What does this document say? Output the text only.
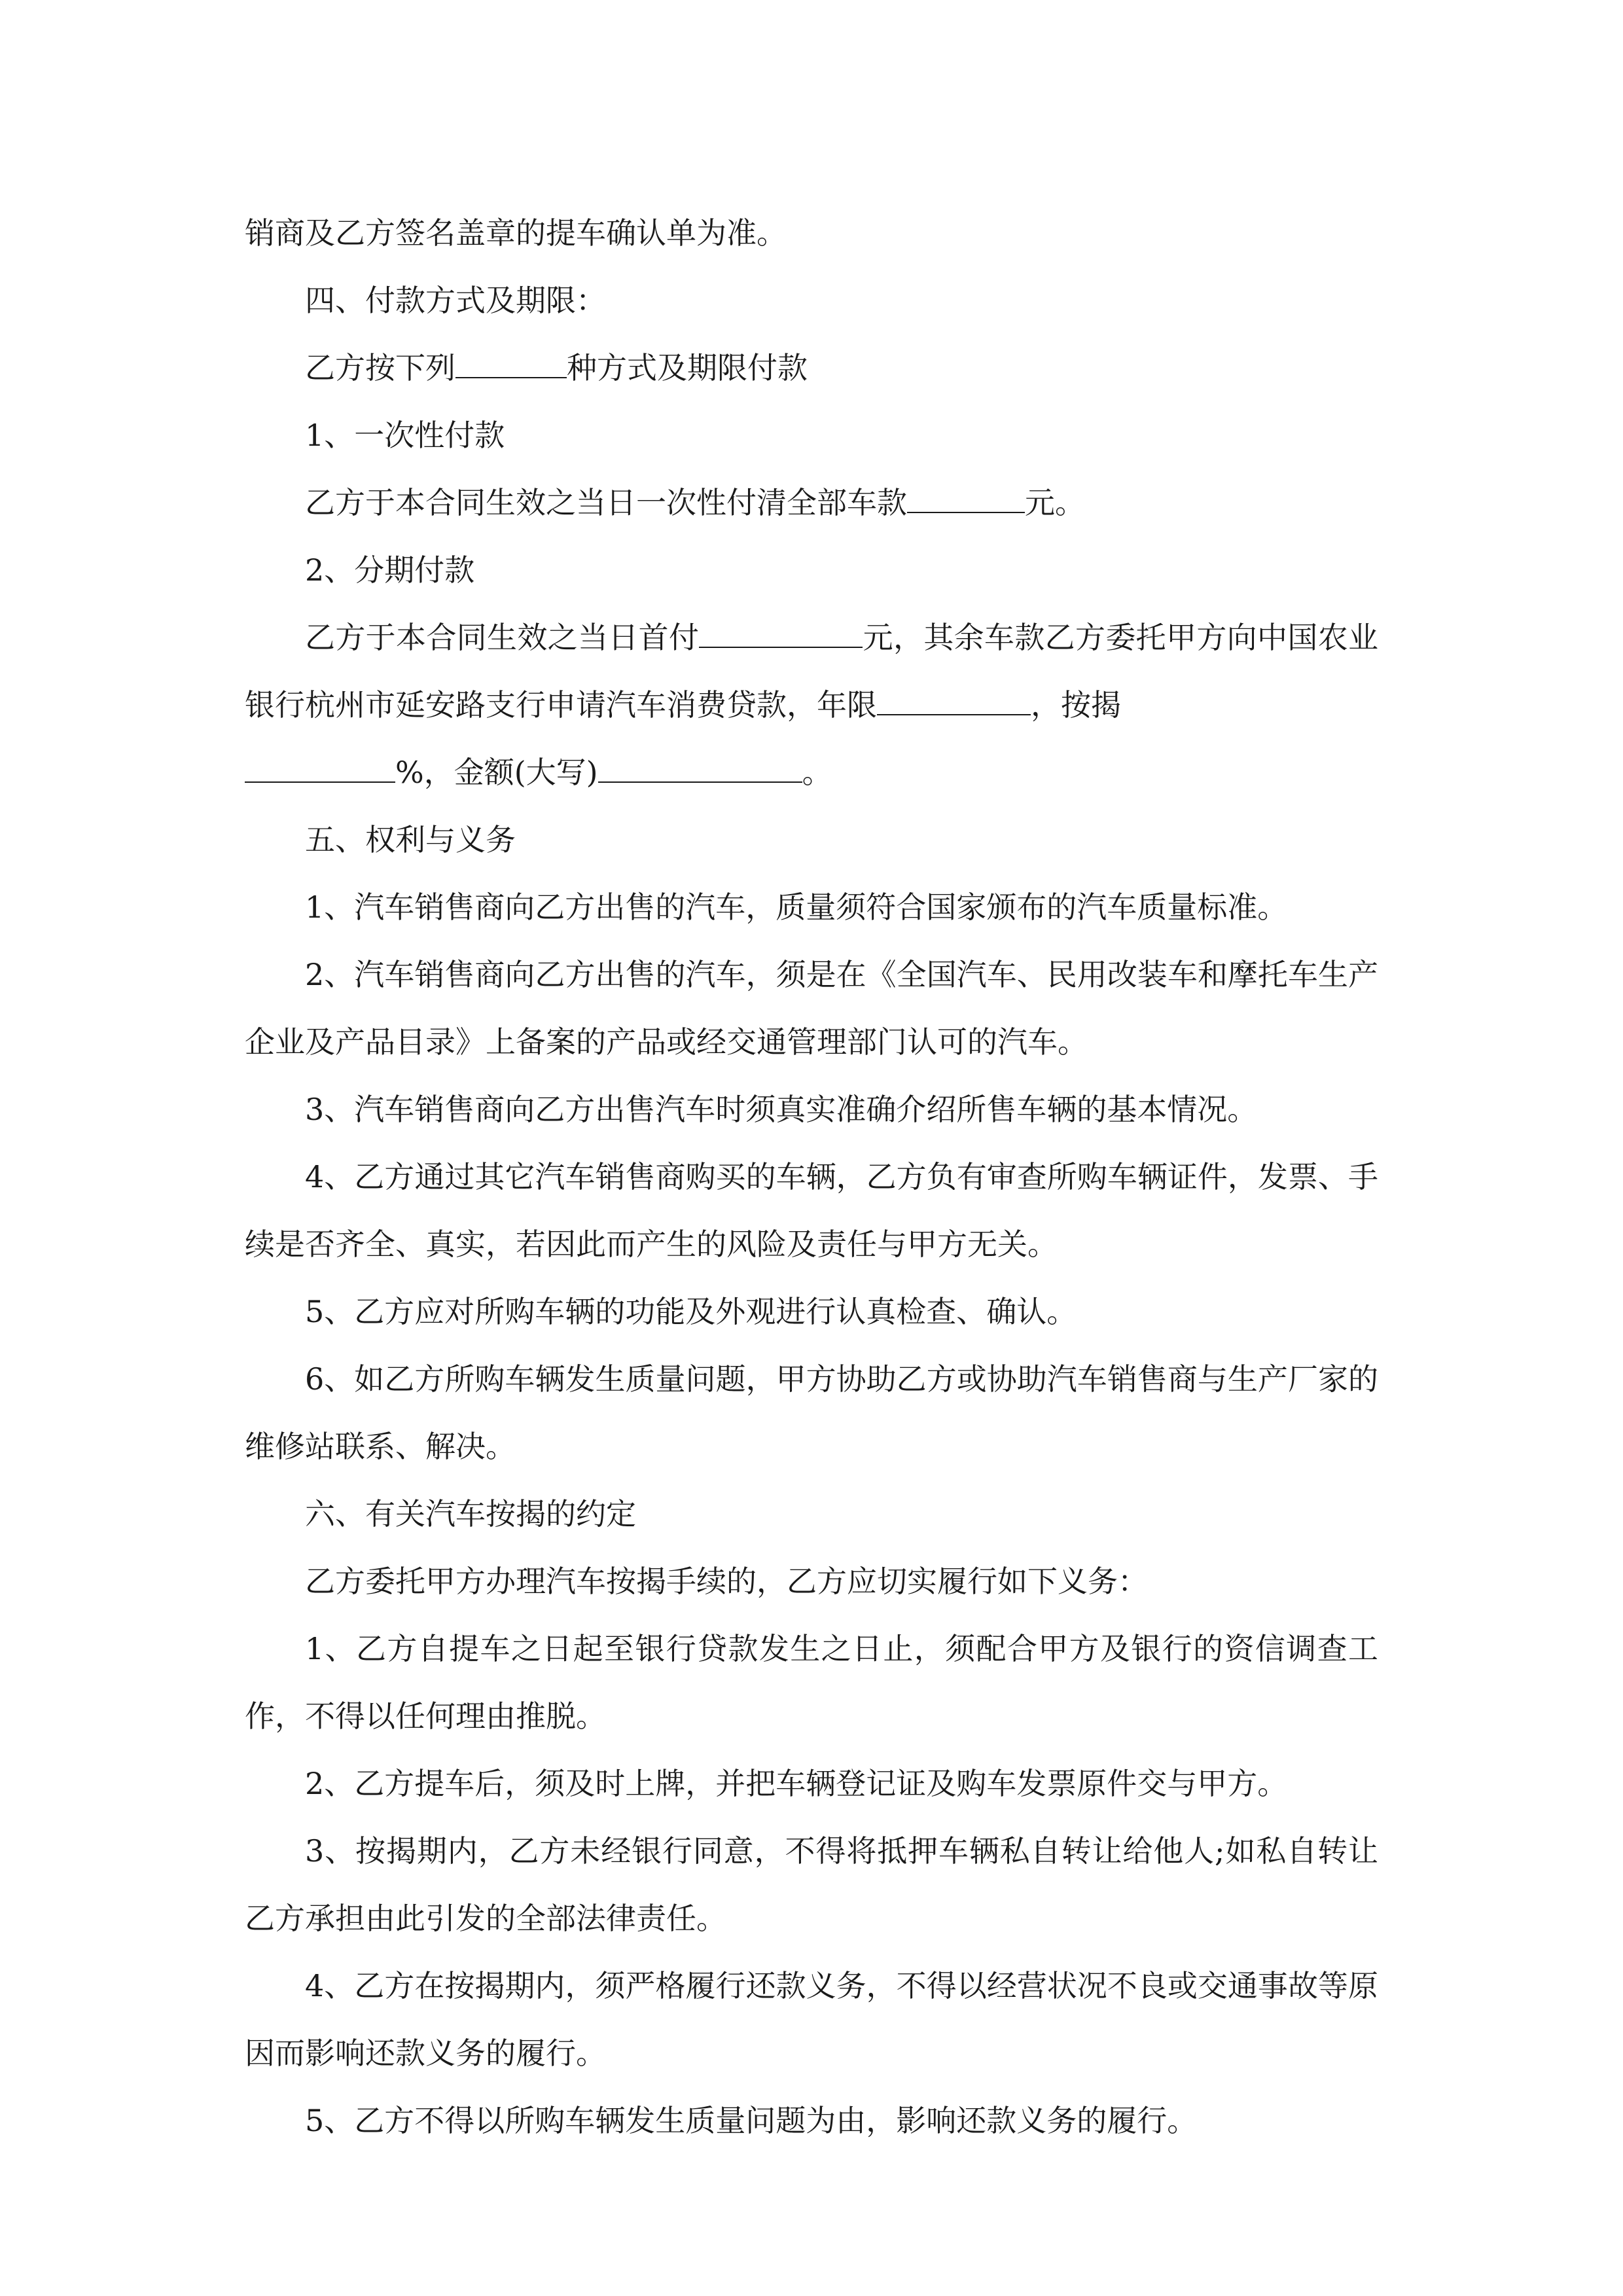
销商及乙方签名盖章的提车确认单为准。

四、付款方式及期限：

乙方按下列	种方式及期限付款

1、一次性付款

乙方于本合同生效之当日一次性付清全部车款	元。

2、分期付款

乙方于本合同生效之当日首付	元，其余车款乙方委托甲方向中国农业银行杭州市延安路支行申请汽车消费贷款，年限	，按揭
%，金额(大写)	。

五、权利与义务

1、汽车销售商向乙方出售的汽车，质量须符合国家颁布的汽车质量标准。

2、汽车销售商向乙方出售的汽车，须是在《全国汽车、民用改装车和摩托车生产企业及产品目录》上备案的产品或经交通管理部门认可的汽车。

3、汽车销售商向乙方出售汽车时须真实准确介绍所售车辆的基本情况。

4、乙方通过其它汽车销售商购买的车辆，乙方负有审查所购车辆证件，发票、手续是否齐全、真实，若因此而产生的风险及责任与甲方无关。

5、乙方应对所购车辆的功能及外观进行认真检查、确认。

6、如乙方所购车辆发生质量问题，甲方协助乙方或协助汽车销售商与生产厂家的维修站联系、解决。

六、有关汽车按揭的约定

乙方委托甲方办理汽车按揭手续的，乙方应切实履行如下义务：

1、乙方自提车之日起至银行贷款发生之日止，须配合甲方及银行的资信调查工作，不得以任何理由推脱。

2、乙方提车后，须及时上牌，并把车辆登记证及购车发票原件交与甲方。

3、按揭期内，乙方未经银行同意，不得将抵押车辆私自转让给他人;如私自转让乙方承担由此引发的全部法律责任。

4、乙方在按揭期内，须严格履行还款义务，不得以经营状况不良或交通事故等原因而影响还款义务的履行。

5、乙方不得以所购车辆发生质量问题为由，影响还款义务的履行。
